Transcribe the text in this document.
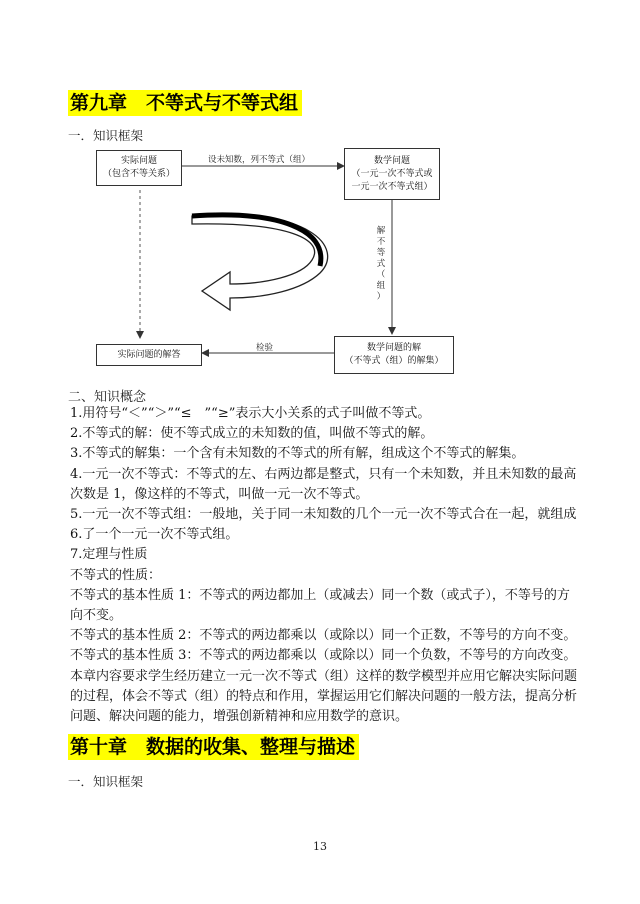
第九章　不等式与不等式组
一．知识框架
实际问题
（包含不等关系）
数学问题
（一元一次不等式或
一元一次不等式组）
数学问题的解
（不等式（组）的解集）
实际问题的解答
设未知数，列不等式（组）
检验
解
不
等
式
（
组
）
二、知识概念
1.用符号“＜”“＞”“≤　”“≥”表示大小关系的式子叫做不等式。
2.不等式的解：使不等式成立的未知数的值，叫做不等式的解。
3.不等式的解集：一个含有未知数的不等式的所有解，组成这个不等式的解集。
4.一元一次不等式：不等式的左、右两边都是整式，只有一个未知数，并且未知数的最高
次数是 1，像这样的不等式，叫做一元一次不等式。
5.一元一次不等式组：一般地，关于同一未知数的几个一元一次不等式合在一起，就组成
6.了一个一元一次不等式组。
7.定理与性质
不等式的性质：
不等式的基本性质 1：不等式的两边都加上（或减去）同一个数（或式子），不等号的方
向不变。
不等式的基本性质 2：不等式的两边都乘以（或除以）同一个正数，不等号的方向不变。
不等式的基本性质 3：不等式的两边都乘以（或除以）同一个负数，不等号的方向改变。
本章内容要求学生经历建立一元一次不等式（组）这样的数学模型并应用它解决实际问题
的过程，体会不等式（组）的特点和作用，掌握运用它们解决问题的一般方法，提高分析
问题、解决问题的能力，增强创新精神和应用数学的意识。
第十章　数据的收集、整理与描述
一．知识框架
13
